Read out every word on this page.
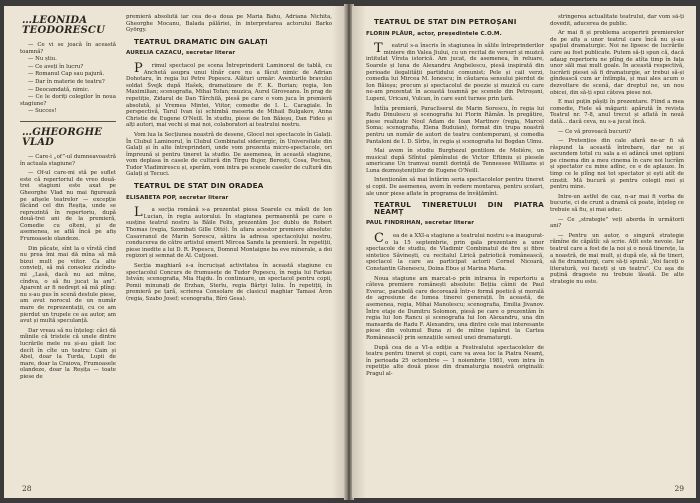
…LEONIDA TEODORESCU

— Ce vi se joacă în această toamnă?

— Nu știu.

— Ce aveți în lucru?

— Romanul Cap sau pajură.

— Dar în materie de teatru?

— Deocamdată, nimic.

— Ce le doriți colegilor în noua stagiune?

— Succes!

…GHEORGHE VLAD

— Care-i „of”-ul dumneavoastră în actuala stagiune?

— Of-ul care-mi stă pe suflet este că repertoriul de vreo două-trei stagiuni este axat pe Gheorghe Vlad nu mai figurează pe afișele teatrelor — excepție făcând cel din Reșița, unde se reprezintă în repertoriu, după două-trei ani de la premieră, Comedie cu olteni, și de asemenea, se află încă pe afiș Frumoasele olandeze.

Din păcate, sînt la o vîrstă cînd nu prea îmi mai dă mîna să mă bizui mult pe viitor. Ca alte convieți, să mă consolez zicîndu-mi „Lasă, dacă nu azi mîine, cîndva, o să fiu jucat la ani”. Aparent ar fi nedrept să mă plîng: nu s-au pus în scenă destule piese, am avut norocul de un număr mare de reprezentații, cu ce am pierdut un trupele ce au autor, am avut și multă speculanță.

Dar vreau să nu înțeleg: căci dă mîinile că tristele că unele dintre lucrările mele nu și-au găsit loc decît în cîte un teatru: Cain și Abel, doar la Turda, Lupii de mare, doar la Craiova, Frumoasele olandeze, doar la Reșița — toate piese de

premieră absolută iar cea de-a doua pe Maria Bahu, Adriana Nichita, Gheorghe Mocanu, Balada pălăriei, în interpretarea actorului Barko György.

TEATRUL DRAMATIC DIN GALAȚI
AURELIA CAZACU, secretar literar

Primul spectacol pe scena Întreprinderii Laminorul de tablă, cu Anchetă asupra unui tînăr care nu a făcut nimic de Adrian Dohotaru, în regia lui Petre Popescu. Alături urmăr: Aventurile bravului soldat Švejk după Hašek, dramatizare de F. K. Burian; regia, Ion Maximilian; scenografia, Mihai Tofan; muzica, Aurel Giroveanu. În prag de repetiție, Zidarul de Dan Tărchilă, piesă pe care o vom juca în premieră absolută, și Vremea Mintei, Viitor, comedie de I. L. Caragiale. În perspectivă, Tarul Ivan își schimbă meseria de Mihail Bulgakov, Anna Christie de Eugene O'Neill. În studiu, piese de Ion Băieșu, Dan Fideu și alți autori, mai vechi și mai noi, colaboratori ai teatrului nostru.

Vom lua la Secțiunea noastră de desene, Glocel noi spectacole în Galați. În Clubul Laminorul, în Clubul Combinatul siderurgic, în Universitate din Galați și în alte întreprinderi, unde vom prezenta micro-spectacole, ori împreună și pentru tineret la studio. De asemenea, în această stagiune, vom deplasa în casele de cultură din Tîrgu Bujor, Berești, Cosa, Pechea, Tudor Vladimirescu și, sperăm, vom intra pe scenele caselor de cultură din Galați și Tecuci.

TEATRUL DE STAT DIN ORADEA
ELISABETA POP, secretar literar

La secția română s-a prezentat piesa Soarele cu măsli de Ion Lucian, în regia autorului. În stagiunea permanentă pe care o susține teatrul nostru la Băile Felix, prezentăm Joc dublu de Robert Thomas (regia, Szombati Gille Ottó). În afara acestor premiere absolute: Casavranul de Marin Sorescu, sătira la adresa spectacolului nostru, conducerea de către artistul emerit Mircea Sandu la premieră. În repetiții, piese inedite a lui D. R. Popescu, Domnul Montaigne ba eve minerale, a doi regizori și semnat de Al. Cutjosei.

Secția maghiară s-a încrucișat activitatea în această stagiune cu spectacolul Concurs de frumusețe de Tudor Popescu, în regia lui Farkas István; scenografia, Mia Hajdu. În continuare, un spectacol pentru copii, Pomii minunați de Erzhan, Sterlu, regia Bărtyi Iuliu. În repetiții, în premieră pe țară, scrierea Consolare de clasicul maghiar Tamasi Áron (regia, Szabo Josef; scenografia, Bíró Gesa).

28
TEATRUL DE STAT DIN PETROȘANI
FLORIN PLĂUR, actor, președintele C.O.M.

Teatrul s-a înscris în stagiunea în sălile întreprinderilor miniere din Valea Jiului, cu un recital de versuri și muzică intitulat Vîrsta istorică. Am jucat, de asemenea, în reluare, Soarele și luna de Alexandru Anghelescu, piesă inspirată din perioade ilegalității partidului comunist; Pele și cail verzi, comedia lui Mircea M. Ionescu; în căutarea sensului pierdut de Ion Băieșu; precum și spectacolul de poezie și muzică cu care ne-am prezentat în această toamnă pe scenele din Petroșani, Lupeni, Uricani, Vulcan, în care sunt turnee prin țară.

Întîia premieră, Paracliserul de Marin Sorescu, în regia lui Radu Dinulescu și scenografia lui Florin Rămăn. În pregătire, piese realizate Noul Adam de Ioan Martinov (regia, Marcel Soma; scenografia, Elena Buduian), format din trupa noastră pentru un număr de autori de teatru contemporani, și comedia Pantaloni de I. D. Sîrbu, în regia și scenografia lui Bogdan Ulmu.

Mai avem în studiu Burghezul gentilom de Molière, un musical după Sfîntul pămînului de Victor Eftimiu și piesele americane Un tramvai numit dorință de Tennessee Williams și Luna dezmoștenițiilor de Eugene O'Neill.

Intenționăm să mai întărim seria spectacolelor pentru tineret și copii. De asemenea, avem în vedere montarea, pentru școlari, ale unor piese aflate în programa de învățămînt.

TEATRUL TINERETULUI DIN PIATRA NEAMȚ
PAUL FINDRIHAN, secretar literar

Cea de a XXI-a stagiune a teatrului nostru s-a inaugurat-o la 15 septembrie, prin gala prezentare a unor spectacole de studiu, de Vladimir Combinatul de fire și fibre sintetice Săvinești, cu recitalul Lirică patriotică românească, spectacol la care au participat actorii Cornel Nicoară, Constantin Ghenescu, Doina Ebus și Marina Maria.

Noua stagiune am marcat-o prin intrarea în repertoriu a câteva premiere românești absolute: Bețiia câinii de Paul Everac, parabolă care decorează într-o formă poetică și morală de agresiune de lumea tinerei generații. În această, de asemenea, regia, Mihai Manolescu; scenografia, Emilia Jivanov. Între etaje de Dumitru Solomon, piesă pe care o prezentăm în regia lui Ion Rancu și scenografia lui Ion Alexandru, una din mansarda de Radu F. Alexandru, una dintre cele mai interesante piese din volumul Buna zi de mîine (apărut la Cartea Românească) prin senzațiile sensul unei dramaturgii.

După cea de a VI-a ediție a Festivalului spectacolelor de teatru pentru tineret și copii, care va avea loc la Piatra Neamț, în perioada 25 octombrie — 1 noiembrie 1981, vom intra în repetiție alte două piese din dramaturgia noastră originală: Pragul al-

strîngerea actualitate teatrului, dar vom să-ți dovedit, aducerea de public.

Ar mai fi și problema acoperirii premierelor de pe afiș a unor teatrul care încă nu și-au spațiul dramaturgic. Noi ne lipsesc de lucrările care au fost publicate. Putem să-ți spun că, dacă adaug repertoriu ne plîng de atîta timp în fața unor săli mai mult goale. În această respectivă, lucrării piesei să fi dramaturgie, ar trebui să-și gîndească cum ar întîmpla, și mai ales acum o dezvoltare de scenă, dar dreptul ne, un nou obicei, din să-ți spui câteva piese noi.

E mai puțin pășiți în prezentare. Fiind a mea comedie, Fiele să măgarii: apărută în revista Teatrul nr. 7-8, anul trecut și aflată în nouă dată... dacă ceva, nu s-a jucat încă.

— Ce vă provoacă bucurii?

— Pretențios din cale afară ne-ar fi să răspund la această întrebare, dar ne și ascundem totul cu sala a ei adâncă unei opțiuni pe cinema din a meu cinema în care noi lucrăm și spectator cu mine adînc, ce e de aplauze. În timp ce le plîng noi tot spectator și ești atît de cinstit. Mă bucură și pentru colegii mei și pentru mine.

Intre-un astfel de caz, n-ar mai fi vorba de bucurie, ci de crunt a dramă că poate, înțeleg ce trebuie să fiu, și mai aduc.

— Ce „strategie” veți aborda în următorii ani?

— Pentru un autor, o singură strategie rămîne de căpătîi: să scrie. Atît este nevoie. Iar teatrul care a fost de la noi și o nouă tinerețe, la a noastră, de mai mult, și după ele, să fie tineri, să fie dramaturgi, care să-ți spună: „Voi faceți o literatură, voi faceți și un teatru”. Cu așa de puțină dragoste nu trebuie lăsată. De alte strategie nu este.

29
